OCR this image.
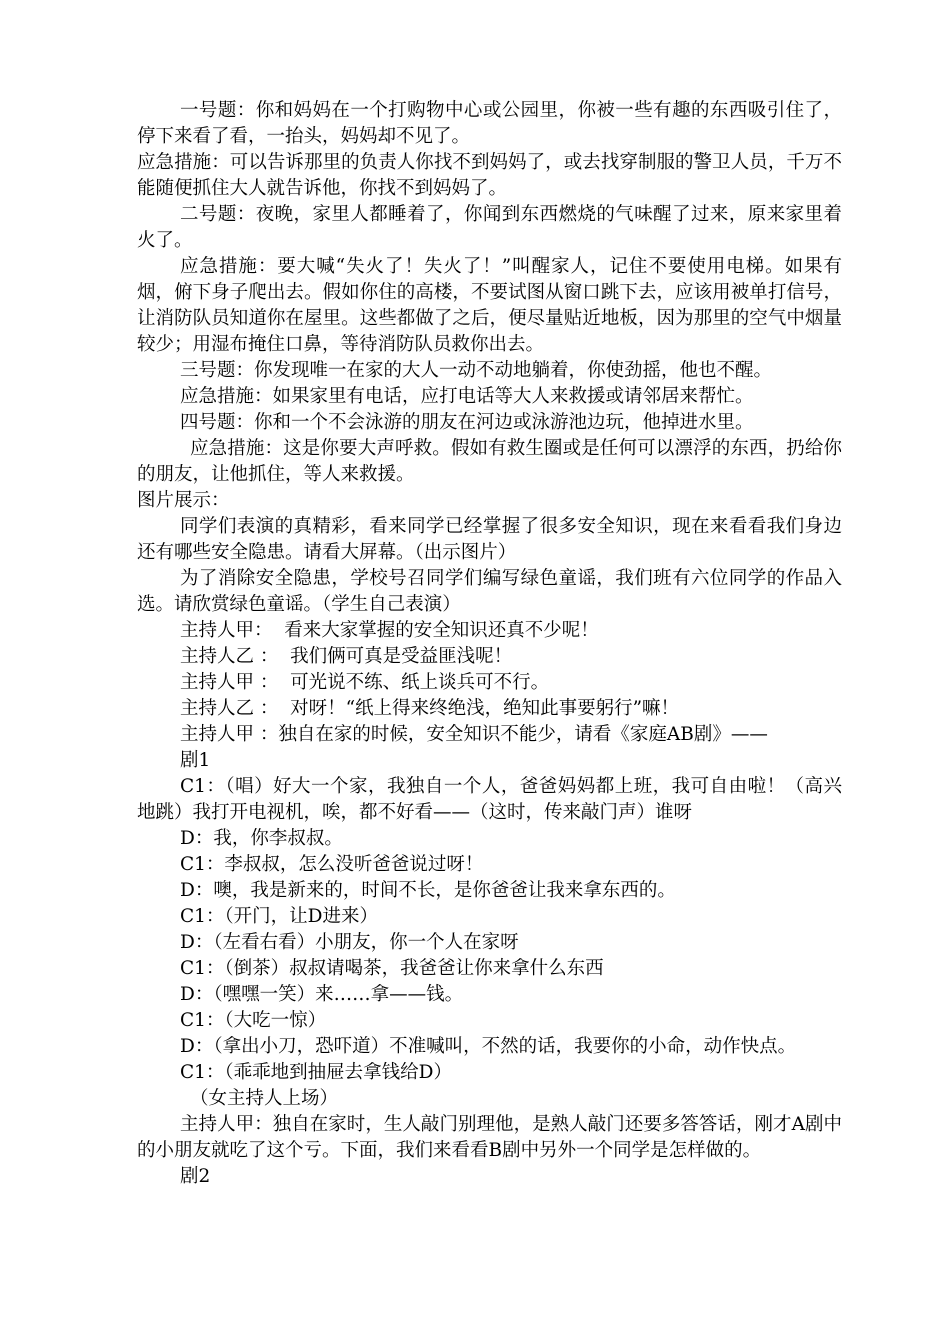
一号题：你和妈妈在一个打购物中心或公园里，你被一些有趣的东西吸引住了，停下来看了看，一抬头，妈妈却不见了。

应急措施：可以告诉那里的负责人你找不到妈妈了，或去找穿制服的警卫人员，千万不能随便抓住大人就告诉他，你找不到妈妈了。

二号题：夜晚，家里人都睡着了，你闻到东西燃烧的气味醒了过来，原来家里着火了。

应急措施：要大喊“失火了！失火了！”叫醒家人，记住不要使用电梯。如果有烟，俯下身子爬出去。假如你住的高楼，不要试图从窗口跳下去，应该用被单打信号，让消防队员知道你在屋里。这些都做了之后，便尽量贴近地板，因为那里的空气中烟量较少；用湿布掩住口鼻，等待消防队员救你出去。

三号题：你发现唯一在家的大人一动不动地躺着，你使劲摇，他也不醒。

应急措施：如果家里有电话，应打电话等大人来救援或请邻居来帮忙。

四号题：你和一个不会泳游的朋友在河边或泳游池边玩，他掉进水里。

应急措施：这是你要大声呼救。假如有救生圈或是任何可以漂浮的东西，扔给你的朋友，让他抓住，等人来救援。

图片展示：

同学们表演的真精彩，看来同学已经掌握了很多安全知识，现在来看看我们身边还有哪些安全隐患。请看大屏幕。（出示图片）

为了消除安全隐患，学校号召同学们编写绿色童谣，我们班有六位同学的作品入选。请欣赏绿色童谣。（学生自己表演）

主持人甲：  看来大家掌握的安全知识还真不少呢！

主持人乙 ：  我们俩可真是受益匪浅呢！

主持人甲 ：  可光说不练、纸上谈兵可不行。

主持人乙 ：  对呀！“纸上得来终绝浅，绝知此事要躬行”嘛！

主持人甲 ：独自在家的时候，安全知识不能少，请看《家庭AB剧》——

剧1

C1：（唱）好大一个家，我独自一个人，爸爸妈妈都上班，我可自由啦！（高兴地跳）我打开电视机，唉，都不好看——（这时，传来敲门声）谁呀

D：我，你李叔叔。

C1：李叔叔，怎么没听爸爸说过呀！

D：噢，我是新来的，时间不长，是你爸爸让我来拿东西的。

C1：（开门，让D进来）

D：（左看右看）小朋友，你一个人在家呀

C1：（倒茶）叔叔请喝茶，我爸爸让你来拿什么东西

D：（嘿嘿一笑）来……拿——钱。

C1：（大吃一惊）

D：（拿出小刀，恐吓道）不准喊叫，不然的话，我要你的小命，动作快点。

C1：（乖乖地到抽屉去拿钱给D）

（女主持人上场）

主持人甲：独自在家时，生人敲门别理他，是熟人敲门还要多答答话，刚才A剧中的小朋友就吃了这个亏。下面，我们来看看B剧中另外一个同学是怎样做的。

剧2
